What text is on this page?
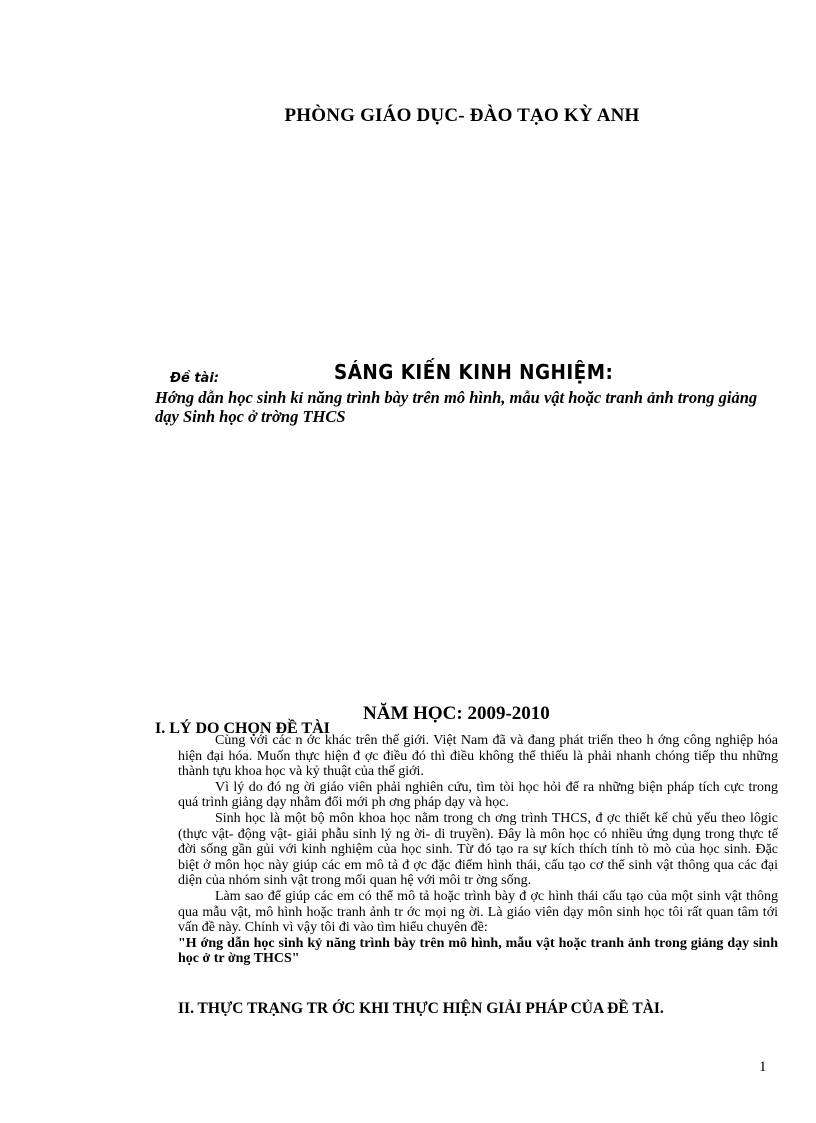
PHÒNG GIÁO DỤC- ĐÀO TẠO KỲ ANH
SÁNG KIẾN KINH NGHIỆM:
Đề tài:
Hớng dẫn học sinh kỉ năng trình bày trên mô hình, mẫu vật hoặc tranh ảnh trong giảng dạy Sinh học ở trờng THCS
NĂM HỌC: 2009-2010
I. LÝ DO CHỌN ĐỀ TÀI

Cùng với các n ớc khác trên thế giới. Việt Nam đã và đang phát triển theo h ớng công nghiệp hóa hiện đại hóa. Muốn thực hiện đ ợc điều đó thì điều không thể thiếu là phải nhanh chóng tiếp thu những thành tựu khoa học và kỷ thuật của thế giới.

Vì lý do đó ng ời giáo viên phải nghiên cứu, tìm tòi học hỏi để ra những biện pháp tích cực trong quá trình giảng dạy nhằm đổi mới ph ơng pháp dạy và học.

Sinh học là một bộ môn khoa học nằm trong ch ơng trình THCS, đ ợc thiết kế chủ yếu theo lôgic (thực vật- động vật- giải phẫu sinh lý ng ời- di truyền). Đây là môn học có nhiều ứng dụng trong thực tế đời sống gần gủi với kinh nghiệm của học sinh. Từ đó tạo ra sự kích thích tính tò mò của học sinh. Đặc biệt ở môn học này giúp các em mô tả đ ợc đặc điểm hình thái, cấu tạo cơ thể sinh vật thông qua các đại diện của nhóm sinh vật trong mối quan hệ với môi tr ờng sống.

Làm sao để giúp các em có thể mô tả hoặc trình bày đ ợc hình thái cấu tạo của một sinh vật thông qua mẫu vật, mô hình hoặc tranh ảnh tr ớc mọi ng ời. Là giáo viên dạy môn sinh học tôi rất quan tâm tới vấn đề này. Chính vì vậy tôi đi vào tìm hiểu chuyên đề:

"H ớng dẫn học sinh kỷ năng trình bày trên mô hình, mẫu vật hoặc tranh ảnh trong giảng dạy sinh học ở tr ờng THCS"

II. THỰC TRẠNG TR ỚC KHI THỰC HIỆN GIẢI PHÁP CỦA ĐỀ TÀI.
1
